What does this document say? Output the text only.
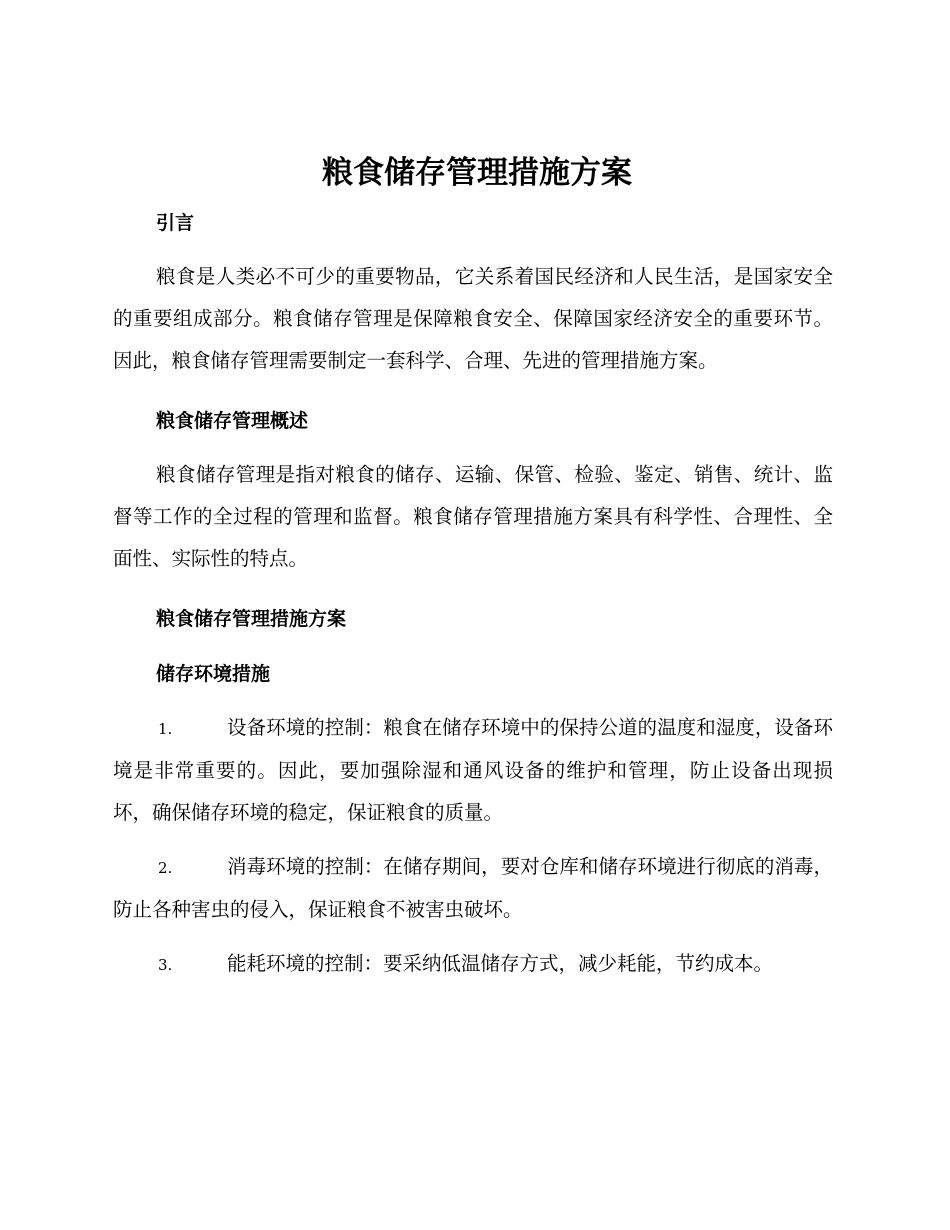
粮食储存管理措施方案
引言

粮食是人类必不可少的重要物品，它关系着国民经济和人民生活，是国家安全的重要组成部分。粮食储存管理是保障粮食安全、保障国家经济安全的重要环节。因此，粮食储存管理需要制定一套科学、合理、先进的管理措施方案。

粮食储存管理概述

粮食储存管理是指对粮食的储存、运输、保管、检验、鉴定、销售、统计、监督等工作的全过程的管理和监督。粮食储存管理措施方案具有科学性、合理性、全面性、实际性的特点。

粮食储存管理措施方案
储存环境措施

1.	设备环境的控制：粮食在储存环境中的保持公道的温度和湿度，设备环境是非常重要的。因此，要加强除湿和通风设备的维护和管理，防止设备出现损坏，确保储存环境的稳定，保证粮食的质量。

2.	消毒环境的控制：在储存期间，要对仓库和储存环境进行彻底的消毒，防止各种害虫的侵入，保证粮食不被害虫破坏。

3.	能耗环境的控制：要采纳低温储存方式，减少耗能，节约成本。
